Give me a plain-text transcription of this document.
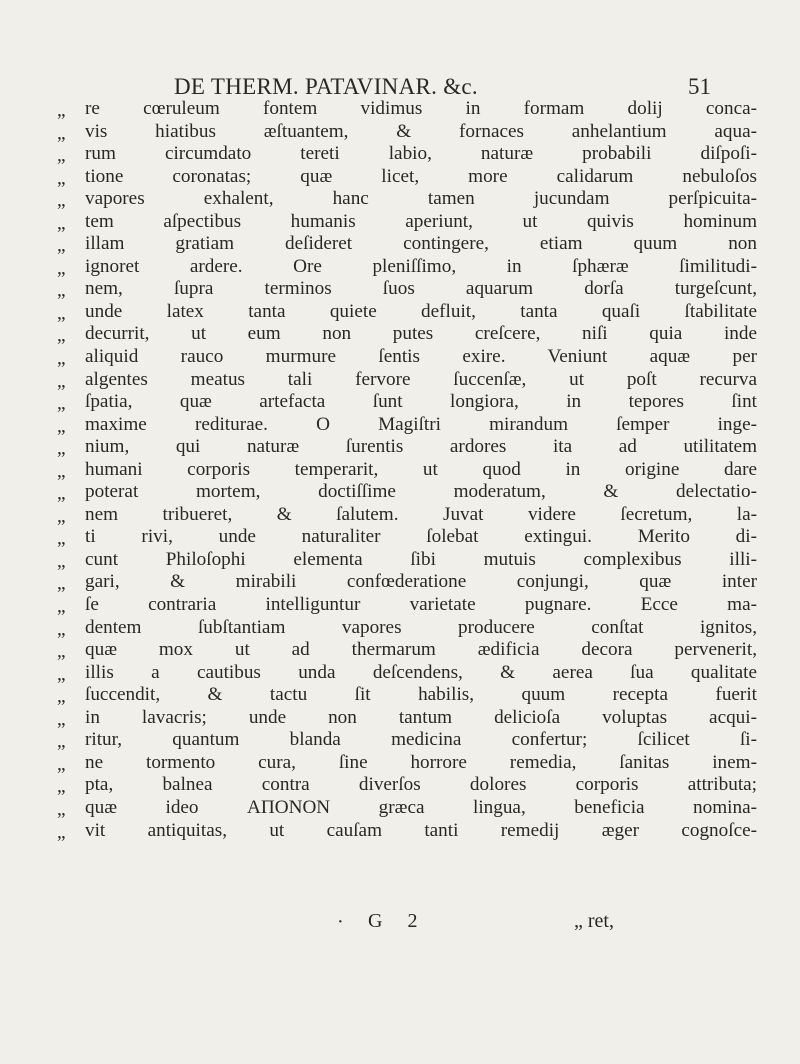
DE THERM. PATAVINAR. &c.	51
„	re cœruleum fontem vidimus in formam dolij conca-
„	vis hiatibus æſtuantem, & fornaces anhelantium aqua-
„	rum circumdato tereti labio, naturæ probabili diſpoſi-
„	tione coronatas; quæ licet, more calidarum nebuloſos
„	vapores exhalent, hanc tamen jucundam perſpicuita-
„	tem aſpectibus humanis aperiunt, ut quivis hominum
„	illam gratiam deſideret contingere, etiam quum non
„	ignoret ardere. Ore pleniſſimo, in ſphæræ ſimilitudi-
„	nem, ſupra terminos ſuos aquarum dorſa turgeſcunt,
„	unde latex tanta quiete defluit, tanta quaſi ſtabilitate
„	decurrit, ut eum non putes creſcere, niſi quia inde
„	aliquid rauco murmure ſentis exire. Veniunt aquæ per
„	algentes meatus tali fervore ſuccenſæ, ut poſt recurva
„	ſpatia, quæ artefacta ſunt longiora, in tepores ſint
„	maxime rediturae. O Magiſtri mirandum ſemper inge-
„	nium, qui naturæ ſurentis ardores ita ad utilitatem
„	humani corporis temperarit, ut quod in origine dare
„	poterat mortem, doctiſſime moderatum, & delectatio-
„	nem tribueret, & ſalutem. Juvat videre ſecretum, la-
„	ti rivi, unde naturaliter ſolebat extingui. Merito di-
„	cunt Philoſophi elementa ſibi mutuis complexibus illi-
„	gari, & mirabili confœderatione conjungi, quæ inter
„	ſe contraria intelliguntur varietate pugnare. Ecce ma-
„	dentem ſubſtantiam vapores producere conſtat ignitos,
„	quæ mox ut ad thermarum ædificia decora pervenerit,
„	illis a cautibus unda deſcendens, & aerea ſua qualitate
„	ſuccendit, & tactu ſit habilis, quum recepta fuerit
„	in lavacris; unde non tantum delicioſa voluptas acqui-
„	ritur, quantum blanda medicina confertur; ſcilicet ſi-
„	ne tormento cura, ſine horrore remedia, ſanitas inem-
„	pta, balnea contra diverſos dolores corporis attributa;
„	quæ ideo ΑΠΟΝΟΝ græca lingua, beneficia nomina-
„	vit antiquitas, ut cauſam tanti remedij æger cognoſce-
· G 2	„ ret,
